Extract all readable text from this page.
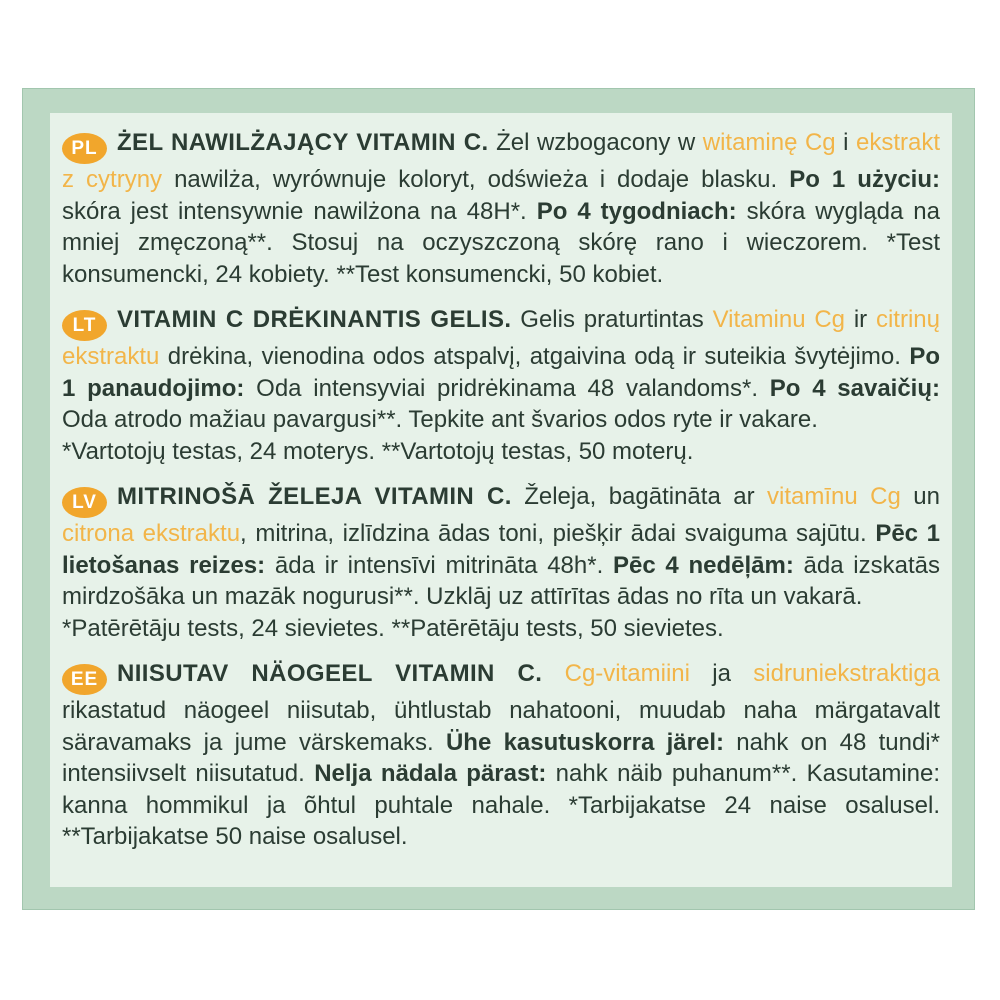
PL ŻEL NAWILŻAJĄCY VITAMIN C. Żel wzbogacony w witaminę Cg i ekstrakt z cytryny nawilża, wyrównuje koloryt, odświeża i dodaje blasku. Po 1 użyciu: skóra jest intensywnie nawilżona na 48H*. Po 4 tygodniach: skóra wygląda na mniej zmęczoną**. Stosuj na oczyszczoną skórę rano i wieczorem. *Test konsumencki, 24 kobiety. **Test konsumencki, 50 kobiet.

LT VITAMIN C DRĖKINANTIS GELIS. Gelis praturtintas Vitaminu Cg ir citrinų ekstraktu drėkina, vienodina odos atspalvį, atgaivina odą ir suteikia švytėjimo. Po 1 panaudojimo: Oda intensyviai pridrėkinama 48 valandoms*. Po 4 savaičių: Oda atrodo mažiau pavargusi**. Tepkite ant švarios odos ryte ir vakare.
*Vartotojų testas, 24 moterys. **Vartotojų testas, 50 moterų.

LV MITRINOŠĀ ŽELEJA VITAMIN C. Želeja, bagātināta ar vitamīnu Cg un citrona ekstraktu, mitrina, izlīdzina ādas toni, piešķir ādai svaiguma sajūtu. Pēc 1 lietošanas reizes: āda ir intensīvi mitrināta 48h*. Pēc 4 nedēļām: āda izskatās mirdzošāka un mazāk nogurusi**. Uzklāj uz attīrītas ādas no rīta un vakarā.
*Patērētāju tests, 24 sievietes. **Patērētāju tests, 50 sievietes.

EE NIISUTAV NÄOGEEL VITAMIN C. Cg-vitamiini ja sidruniekstraktiga rikastatud näogeel niisutab, ühtlustab nahatooni, muudab naha märgatavalt säravamaks ja jume värskemaks. Ühe kasutuskorra järel: nahk on 48 tundi* intensiivselt niisutatud. Nelja nädala pärast: nahk näib puhanum**. Kasutamine: kanna hommikul ja õhtul puhtale nahale. *Tarbijakatse 24 naise osalusel. **Tarbijakatse 50 naise osalusel.
